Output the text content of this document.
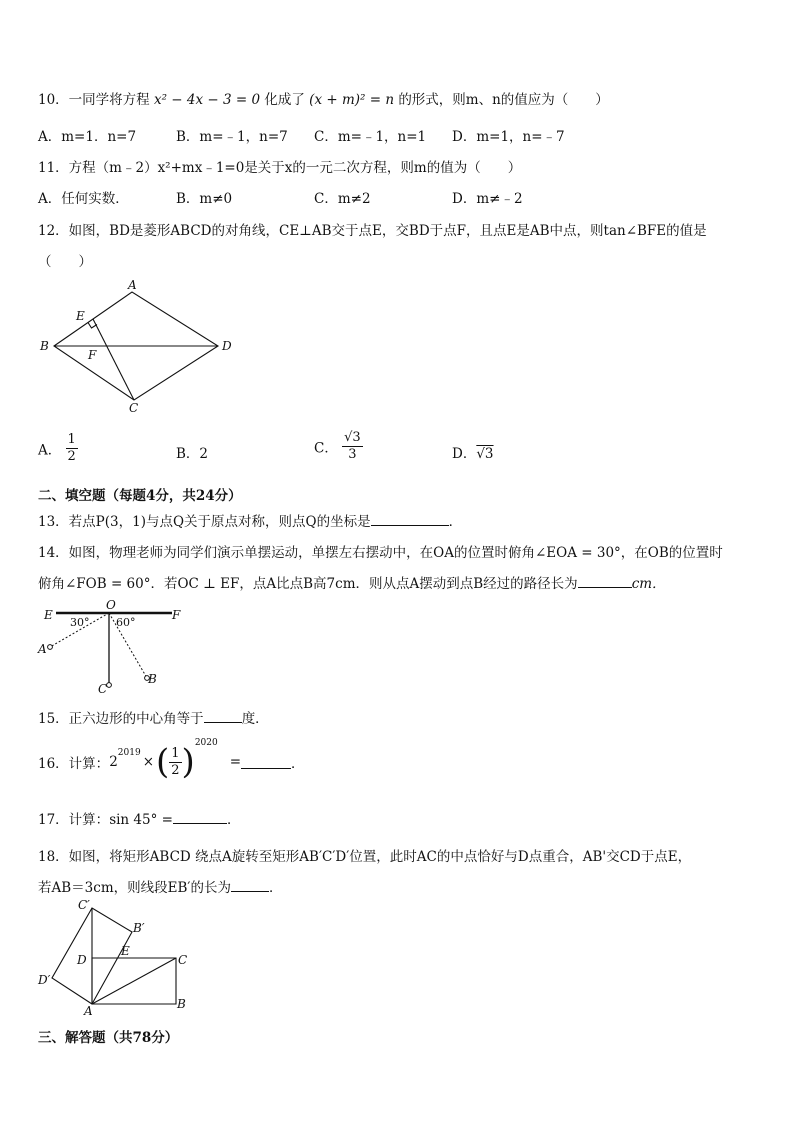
10．一同学将方程 x² − 4x − 3 = 0 化成了 (x + m)² = n 的形式，则m、n的值应为（　　）
A．m=1．n=7	B．m=﹣1，n=7 C．m=﹣1，n=1 D．m=1，n=﹣7
11．方程（m﹣2）x²+mx﹣1=0是关于x的一元二次方程，则m的值为（　　）
A．任何实数．	B．m≠0	C．m≠2	D．m≠﹣2
12．如图，BD是菱形ABCD的对角线，CE⊥AB交于点E，交BD于点F，且点E是AB中点，则tan∠BFE的值是
（　　）
A
B	D
C
E
F
A． $\frac{1}{2}$	B．2	C． $\frac{√3}{3}$	D．√3
二、填空题（每题4分，共24分）
13．若点P(3，1)与点Q关于原点对称，则点Q的坐标是	．
14．如图，物理老师为同学们演示单摆运动，单摆左右摆动中，在OA的位置时俯角∠EOA = 30°，在OB的位置时
俯角∠FOB = 60°．若OC ⊥ EF，点A比点B高7cm．则从点A摆动到点B经过的路径长为	cm．
E
O
F
A
B
C
30° 60°
15．正六边形的中心角等于	度．
16．计算： 2
$^{2019}$
× ( $\frac{1}{2} )^{2020}$
=	．
17．计算：sin 45° =	．
18．如图，将矩形ABCD 绕点A旋转至矩形AB′C′D′位置，此时AC的中点恰好与D点重合，AB'交CD于点E，
若AB＝3cm，则线段EB′的长为	．
C′
B′
D
E
C
D′
A	B
三、解答题（共78分）
